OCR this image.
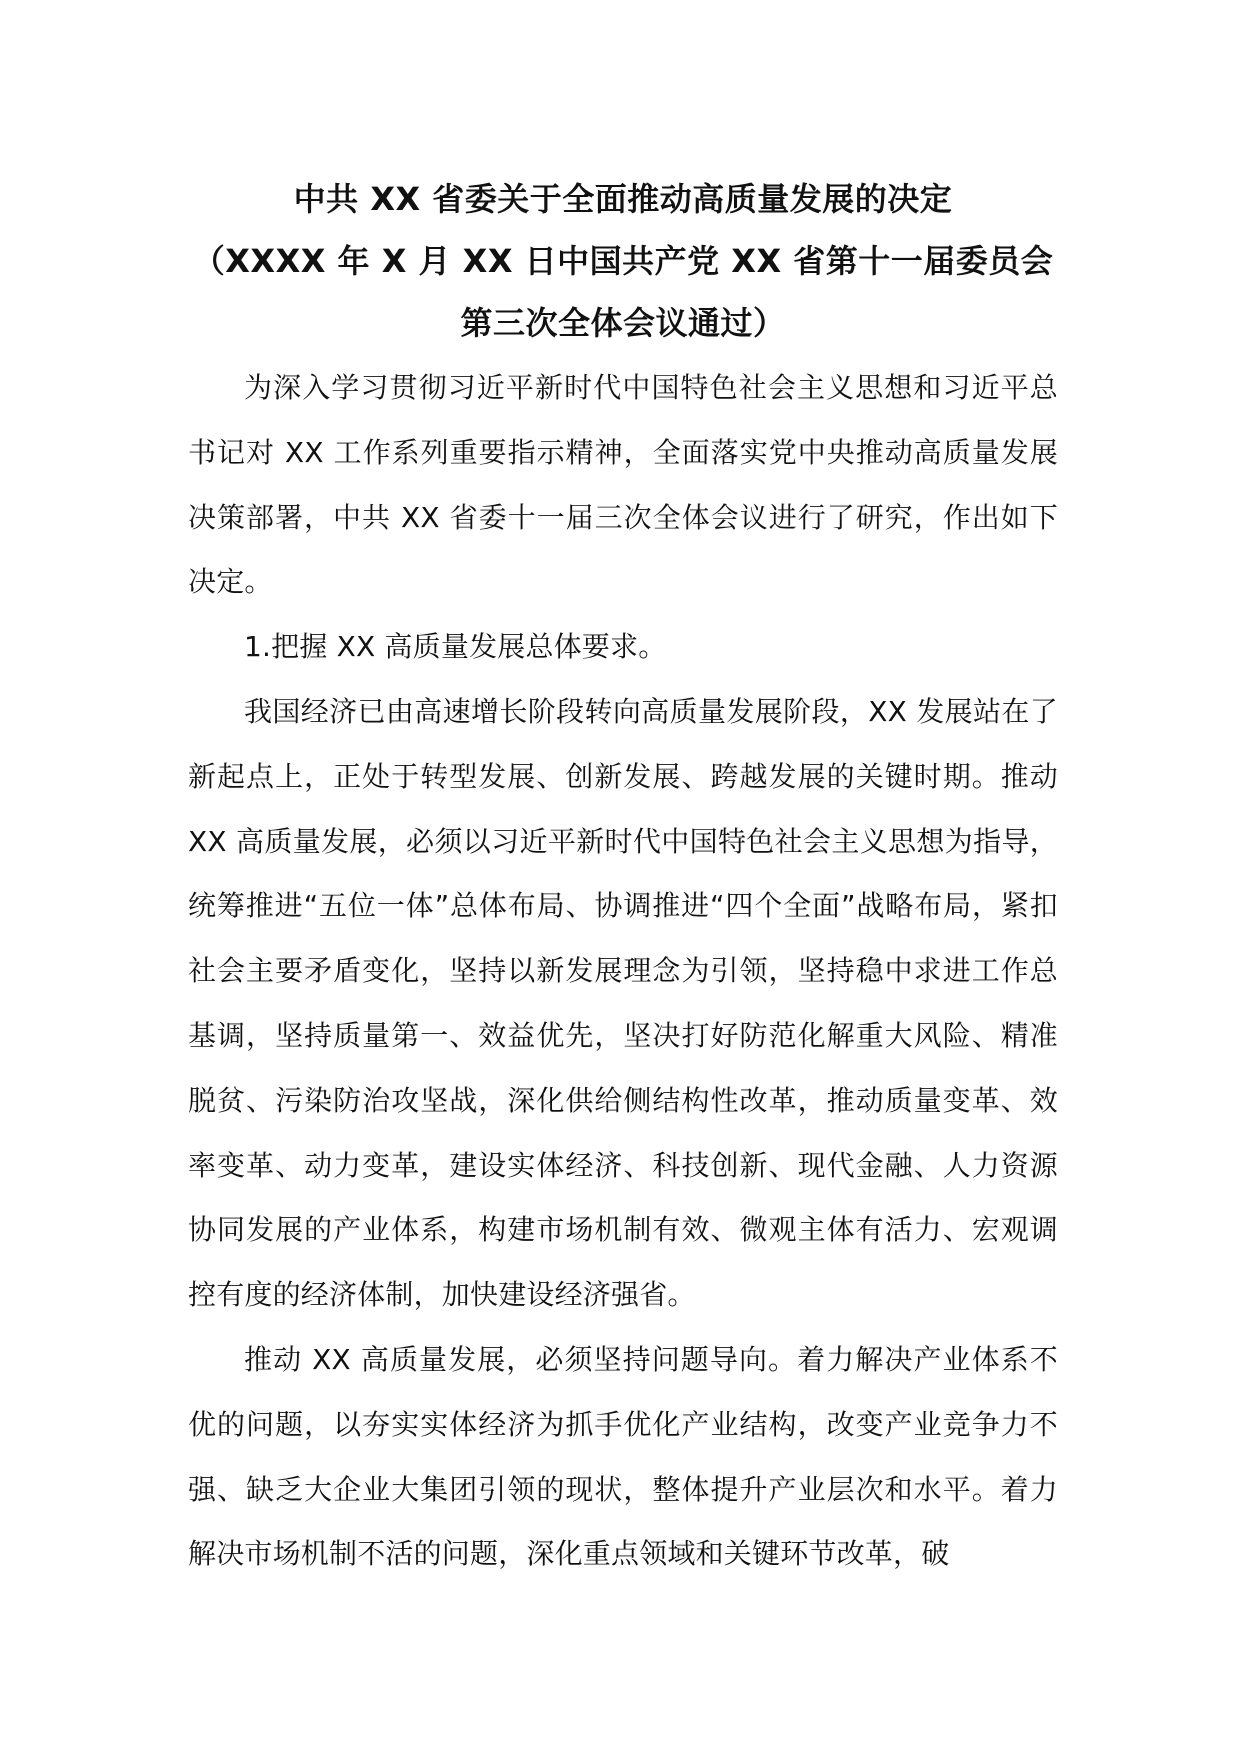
中共 XX 省委关于全面推动高质量发展的决定

（XXXX 年 X 月 XX 日中国共产党 XX 省第十一届委员会

第三次全体会议通过）

为深入学习贯彻习近平新时代中国特色社会主义思想和习近平总书记对 XX 工作系列重要指示精神，全面落实党中央推动高质量发展决策部署，中共 XX 省委十一届三次全体会议进行了研究，作出如下决定。

1.把握 XX 高质量发展总体要求。

我国经济已由高速增长阶段转向高质量发展阶段，XX 发展站在了新起点上，正处于转型发展、创新发展、跨越发展的关键时期。推动 XX 高质量发展，必须以习近平新时代中国特色社会主义思想为指导，统筹推进“五位一体”总体布局、协调推进“四个全面”战略布局，紧扣社会主要矛盾变化，坚持以新发展理念为引领，坚持稳中求进工作总基调，坚持质量第一、效益优先，坚决打好防范化解重大风险、精准脱贫、污染防治攻坚战，深化供给侧结构性改革，推动质量变革、效率变革、动力变革，建设实体经济、科技创新、现代金融、人力资源协同发展的产业体系，构建市场机制有效、微观主体有活力、宏观调控有度的经济体制，加快建设经济强省。

推动 XX 高质量发展，必须坚持问题导向。着力解决产业体系不优的问题，以夯实实体经济为抓手优化产业结构，改变产业竞争力不强、缺乏大企业大集团引领的现状，整体提升产业层次和水平。着力解决市场机制不活的问题，深化重点领域和关键环节改革，破
